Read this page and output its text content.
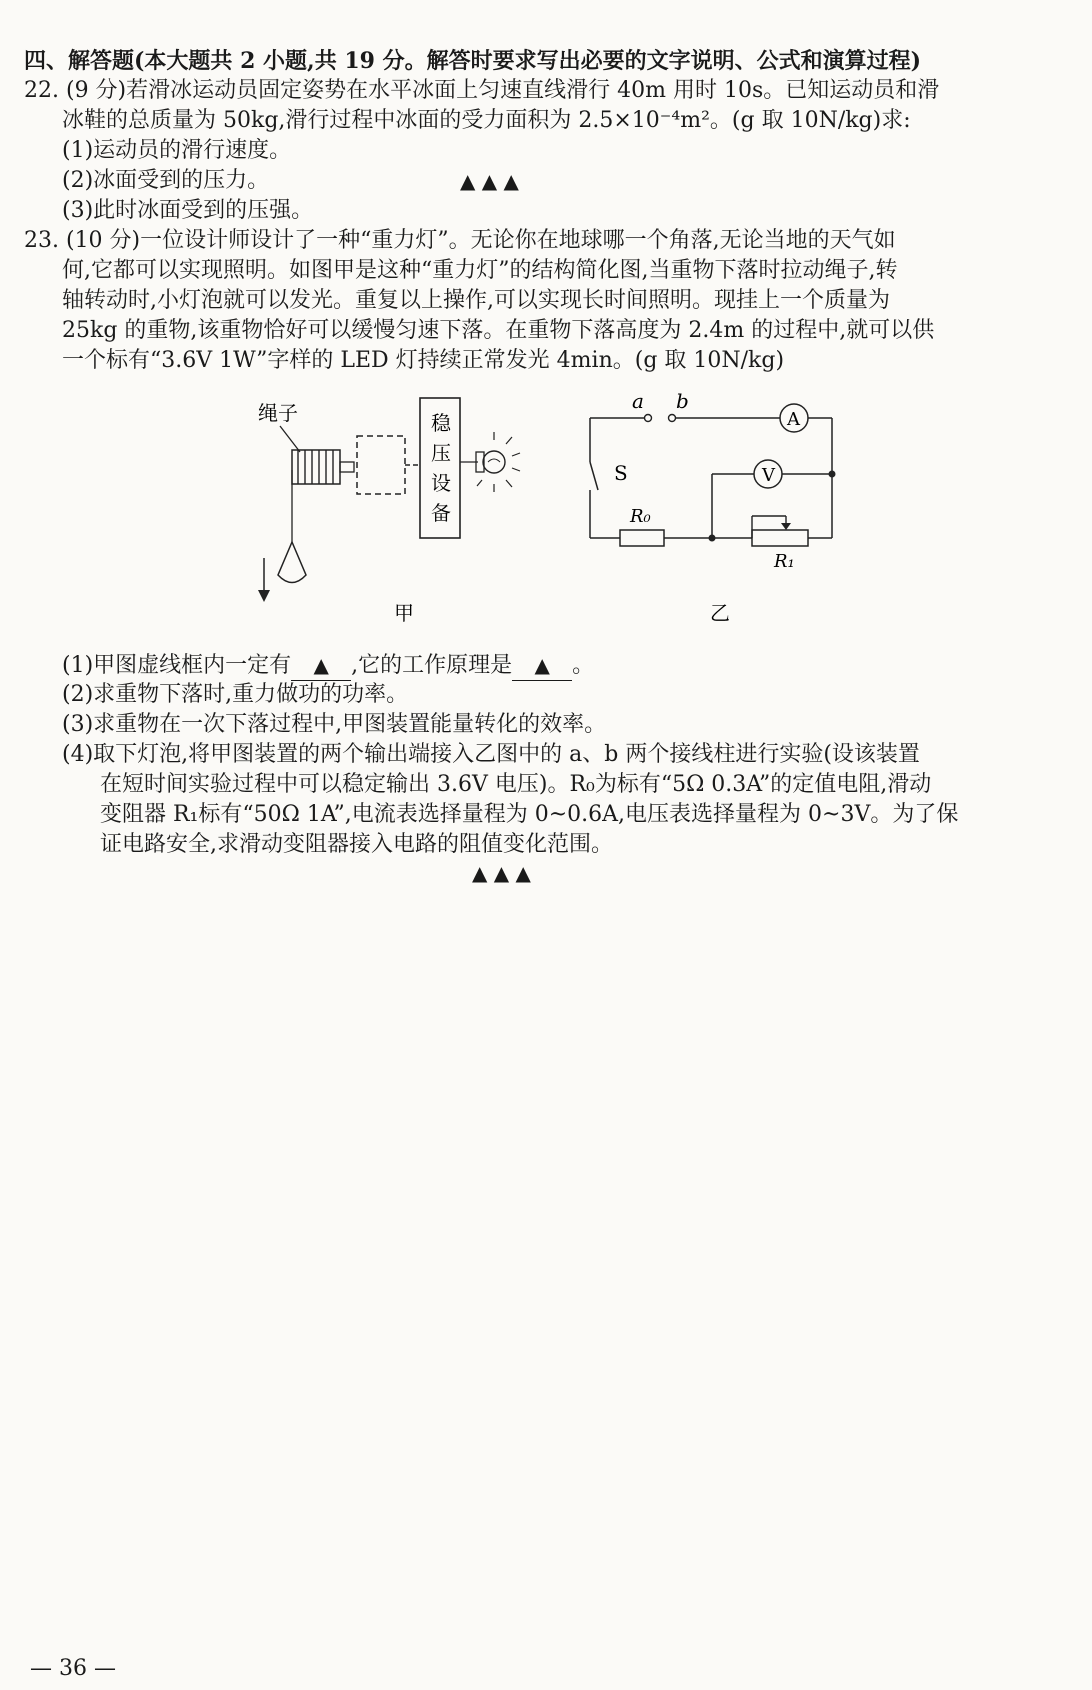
四、解答题(本大题共 2 小题,共 19 分。解答时要求写出必要的文字说明、公式和演算过程)
22. (9 分)若滑冰运动员固定姿势在水平冰面上匀速直线滑行 40m 用时 10s。已知运动员和滑
冰鞋的总质量为 50kg,滑行过程中冰面的受力面积为 2.5×10⁻⁴m²。(g 取 10N/kg)求:
(1)运动员的滑行速度。
(2)冰面受到的压力。	▲ ▲ ▲
(3)此时冰面受到的压强。
23. (10 分)一位设计师设计了一种“重力灯”。无论你在地球哪一个角落,无论当地的天气如
何,它都可以实现照明。如图甲是这种“重力灯”的结构简化图,当重物下落时拉动绳子,转
轴转动时,小灯泡就可以发光。重复以上操作,可以实现长时间照明。现挂上一个质量为
25kg 的重物,该重物恰好可以缓慢匀速下落。在重物下落高度为 2.4m 的过程中,就可以供
一个标有“3.6V 1W”字样的 LED 灯持续正常发光 4min。(g 取 10N/kg)
绳子	稳
压
设
备
甲
a b
A
S
R₀
R₁
V
乙
(1)甲图虚线框内一定有 ▲ ,它的工作原理是 ▲ 。
(2)求重物下落时,重力做功的功率。
(3)求重物在一次下落过程中,甲图装置能量转化的效率。
(4)取下灯泡,将甲图装置的两个输出端接入乙图中的 a、b 两个接线柱进行实验(设该装置
在短时间实验过程中可以稳定输出 3.6V 电压)。R₀为标有“5Ω 0.3A”的定值电阻,滑动
变阻器 R₁标有“50Ω 1A”,电流表选择量程为 0~0.6A,电压表选择量程为 0~3V。为了保
证电路安全,求滑动变阻器接入电路的阻值变化范围。
▲ ▲ ▲
— 36 —
